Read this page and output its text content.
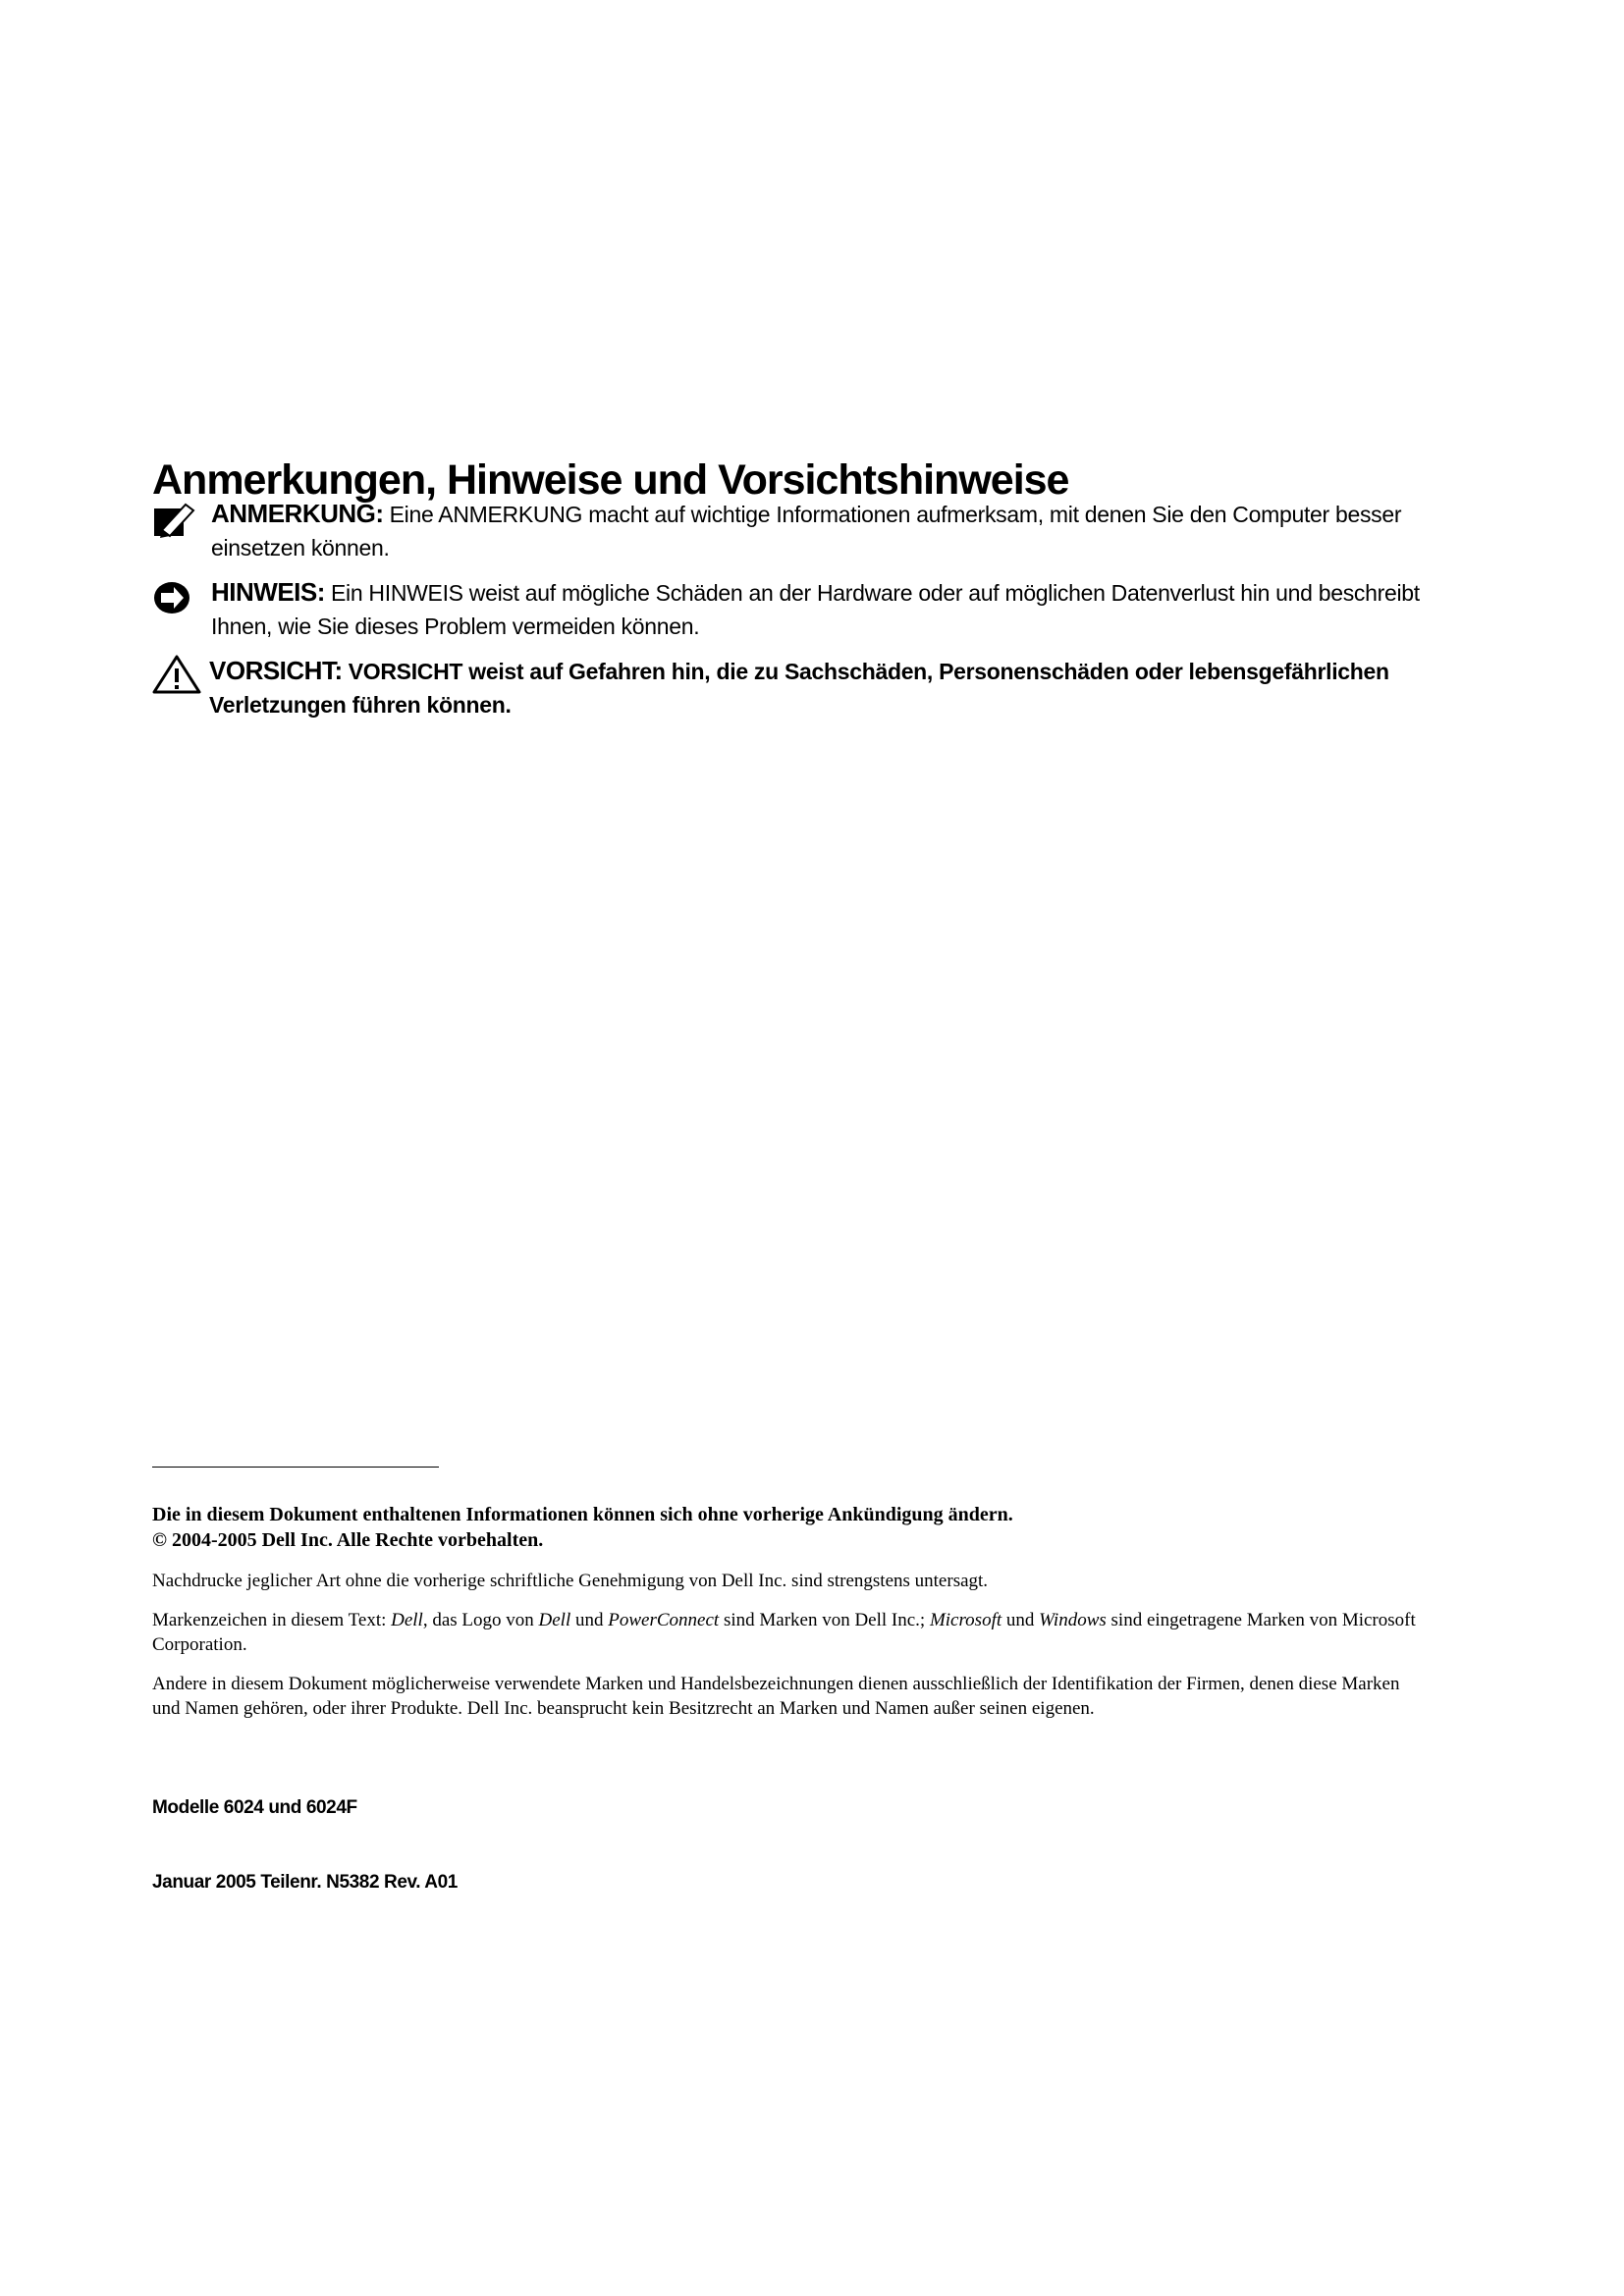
Anmerkungen, Hinweise und Vorsichtshinweise
ANMERKUNG: Eine ANMERKUNG macht auf wichtige Informationen aufmerksam, mit denen Sie den Computer besser einsetzen können.
HINWEIS: Ein HINWEIS weist auf mögliche Schäden an der Hardware oder auf möglichen Datenverlust hin und beschreibt Ihnen, wie Sie dieses Problem vermeiden können.
VORSICHT: VORSICHT weist auf Gefahren hin, die zu Sachschäden, Personenschäden oder lebensgefährlichen Verletzungen führen können.
Die in diesem Dokument enthaltenen Informationen können sich ohne vorherige Ankündigung ändern.
© 2004-2005 Dell Inc. Alle Rechte vorbehalten.
Nachdrucke jeglicher Art ohne die vorherige schriftliche Genehmigung von Dell Inc. sind strengstens untersagt.
Markenzeichen in diesem Text: Dell, das Logo von Dell und PowerConnect sind Marken von Dell Inc.; Microsoft und Windows sind eingetragene Marken von Microsoft Corporation.
Andere in diesem Dokument möglicherweise verwendete Marken und Handelsbezeichnungen dienen ausschließlich der Identifikation der Firmen, denen diese Marken und Namen gehören, oder ihrer Produkte. Dell Inc. beansprucht kein Besitzrecht an Marken und Namen außer seinen eigenen.
Modelle 6024 und 6024F
Januar 2005 Teilenr. N5382 Rev. A01
